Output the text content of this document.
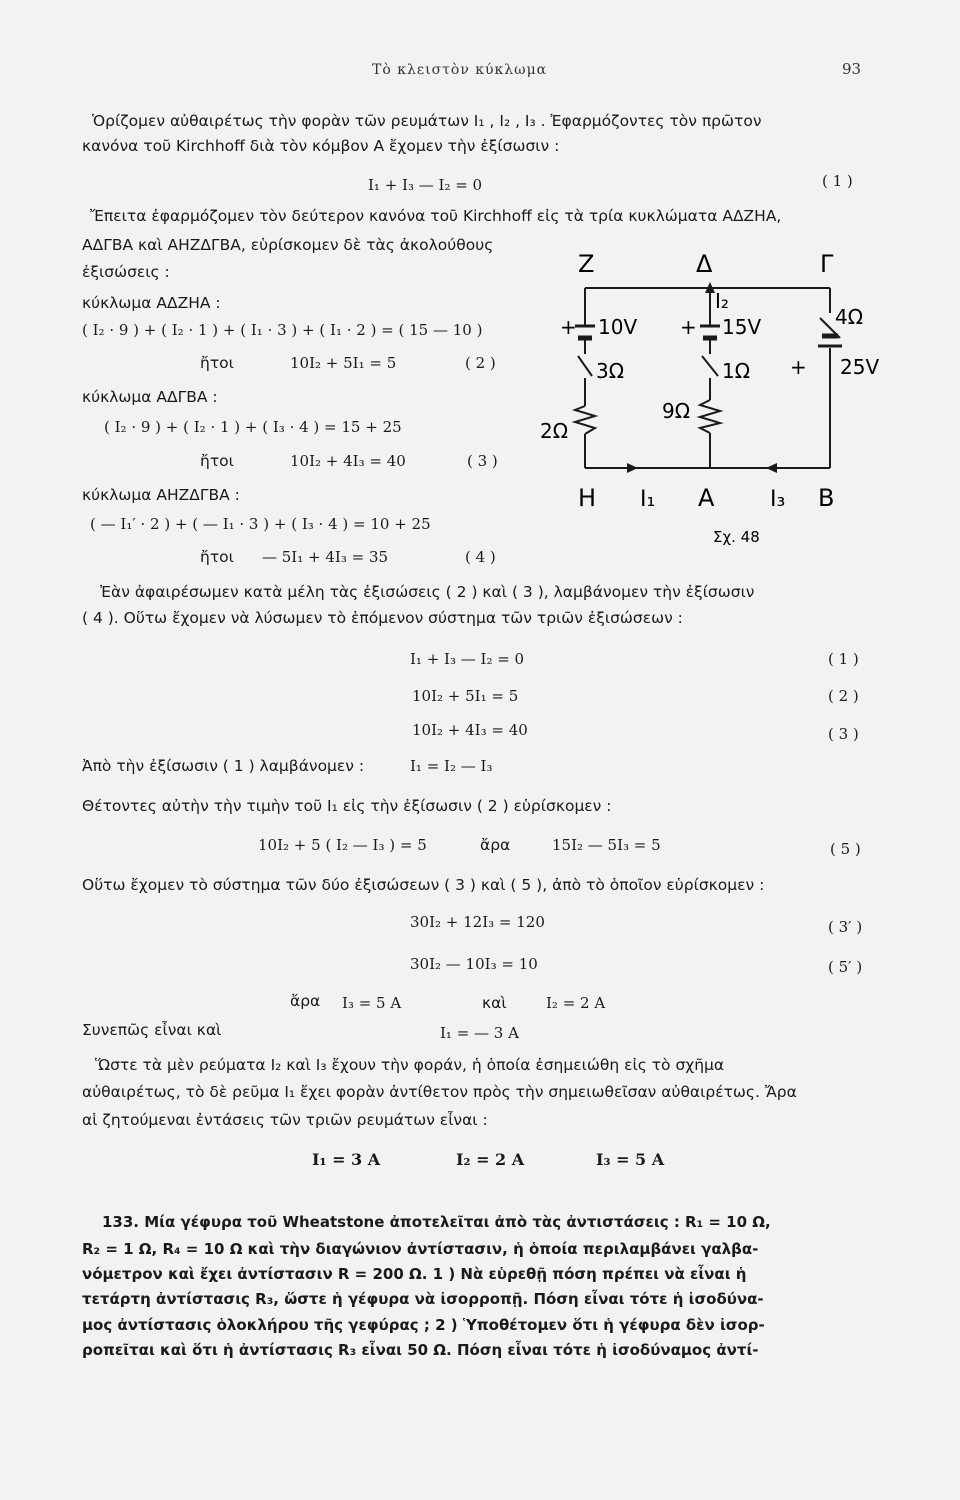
Τὸ κλειστὸν κύκλωμα	93
Ὁρίζομεν αὐθαιρέτως τὴν φορὰν τῶν ρευμάτων I₁ , I₂ , I₃ . Ἐφαρμόζοντες τὸν πρῶτον
κανόνα τοῦ Kirchhoff διὰ τὸν κόμβον Α ἔχομεν τὴν ἐξίσωσιν :
I₁ + I₃ — I₂ = 0	( 1 )
Ἔπειτα ἐφαρμόζομεν τὸν δεύτερον κανόνα τοῦ Kirchhoff εἰς τὰ τρία κυκλώματα ΑΔΖΗΑ,
ΑΔΓΒΑ καὶ ΑΗΖΔΓΒΑ, εὑρίσκομεν δὲ τὰς ἀκολούθους
ἐξισώσεις :
κύκλωμα ΑΔΖΗΑ :
( I₂ · 9 ) + ( I₂ · 1 ) + ( I₁ · 3 ) + ( I₁ · 2 ) = ( 15 — 10 )
ἤτοι	10I₂ + 5I₁ = 5	( 2 )
κύκλωμα ΑΔΓΒΑ :
( I₂ · 9 ) + ( I₂ · 1 ) + ( I₃ · 4 ) = 15 + 25
ἤτοι	10I₂ + 4I₃ = 40	( 3 )
κύκλωμα ΑΗΖΔΓΒΑ :
( — I₁′ · 2 ) + ( — I₁ · 3 ) + ( I₃ · 4 ) = 10 + 25
ἤτοι — 5I₁ + 4I₃ = 35	( 4 )
Z	Δ	Γ
Η	Α	Β
I₂
I₁	I₃
+ 10V + 15V
+ 25V
3Ω	1Ω
4Ω
2Ω
9Ω
Σχ. 48
Ἐὰν ἀφαιρέσωμεν κατὰ μέλη τὰς ἐξισώσεις ( 2 ) καὶ ( 3 ), λαμβάνομεν τὴν ἐξίσωσιν
( 4 ). Οὕτω ἔχομεν νὰ λύσωμεν τὸ ἑπόμενον σύστημα τῶν τριῶν ἐξισώσεων :
I₁ + I₃ — I₂ = 0	( 1 )
10I₂ + 5I₁ = 5	( 2 )
10I₂ + 4I₃ = 40	( 3 )
Ἀπὸ τὴν ἐξίσωσιν ( 1 ) λαμβάνομεν :	I₁ = I₂ — I₃
Θέτοντες αὐτὴν τὴν τιμὴν τοῦ I₁ εἰς τὴν ἐξίσωσιν ( 2 ) εὑρίσκομεν :
10I₂ + 5 ( I₂ — I₃ ) = 5	ἄρα	15I₂ — 5I₃ = 5	( 5 )
Οὕτω ἔχομεν τὸ σύστημα τῶν δύο ἐξισώσεων ( 3 ) καὶ ( 5 ), ἀπὸ τὸ ὁποῖον εὑρίσκομεν :
30I₂ + 12I₃ = 120	( 3′ )
30I₂ — 10I₃ = 10	( 5′ )
ἄρα I₃ = 5 A	καὶ	I₂ = 2 A
Συνεπῶς εἶναι καὶ	I₁ = — 3 A
Ὥστε τὰ μὲν ρεύματα I₂ καὶ I₃ ἔχουν τὴν φοράν, ἡ ὁποία ἐσημειώθη εἰς τὸ σχῆμα
αὐθαιρέτως, τὸ δὲ ρεῦμα I₁ ἔχει φορὰν ἀντίθετον πρὸς τὴν σημειωθεῖσαν αὐθαιρέτως. Ἄρα
αἱ ζητούμεναι ἐντάσεις τῶν τριῶν ρευμάτων εἶναι :
I₁ = 3 A	I₂ = 2 A	I₃ = 5 A
133. Μία γέφυρα τοῦ Wheatstone ἀποτελεῖται ἀπὸ τὰς ἀντιστάσεις : R₁ = 10 Ω,
R₂ = 1 Ω, R₄ = 10 Ω καὶ τὴν διαγώνιον ἀντίστασιν, ἡ ὁποία περιλαμβάνει γαλβα-
νόμετρον καὶ ἔχει ἀντίστασιν R = 200 Ω. 1 ) Νὰ εὑρεθῇ πόση πρέπει νὰ εἶναι ἡ
τετάρτη ἀντίστασις R₃, ὥστε ἡ γέφυρα νὰ ἰσορροπῇ. Πόση εἶναι τότε ἡ ἰσοδύνα-
μος ἀντίστασις ὁλοκλήρου τῆς γεφύρας ; 2 ) Ὑποθέτομεν ὅτι ἡ γέφυρα δὲν ἰσορ-
ροπεῖται καὶ ὅτι ἡ ἀντίστασις R₃ εἶναι 50 Ω. Πόση εἶναι τότε ἡ ἰσοδύναμος ἀντί-
